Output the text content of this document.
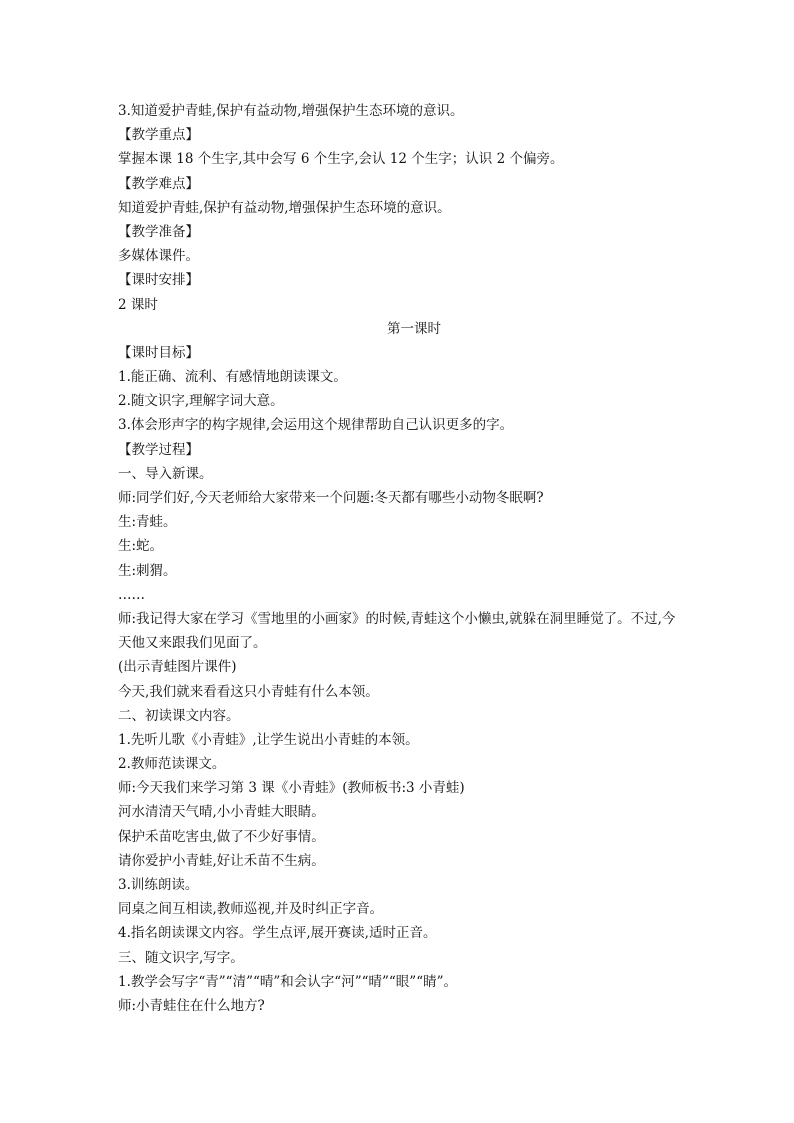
3.知道爱护青蛙,保护有益动物,增强保护生态环境的意识。
【教学重点】
掌握本课 18 个生字,其中会写 6 个生字,会认 12 个生字；认识 2 个偏旁。
【教学难点】
知道爱护青蛙,保护有益动物,增强保护生态环境的意识。
【教学准备】
多媒体课件。
【课时安排】
2 课时
第一课时
【课时目标】
1.能正确、流利、有感情地朗读课文。
2.随文识字,理解字词大意。
3.体会形声字的构字规律,会运用这个规律帮助自己认识更多的字。
【教学过程】
一、导入新课。
师:同学们好,今天老师给大家带来一个问题:冬天都有哪些小动物冬眠啊?
生:青蛙。
生:蛇。
生:刺猬。
……
师:我记得大家在学习《雪地里的小画家》的时候,青蛙这个小懒虫,就躲在洞里睡觉了。不过,今天他又来跟我们见面了。
(出示青蛙图片课件)
今天,我们就来看看这只小青蛙有什么本领。
二、初读课文内容。
1.先听儿歌《小青蛙》,让学生说出小青蛙的本领。
2.教师范读课文。
师:今天我们来学习第 3 课《小青蛙》(教师板书:3 小青蛙)
河水清清天气晴,小小青蛙大眼睛。
保护禾苗吃害虫,做了不少好事情。
请你爱护小青蛙,好让禾苗不生病。
3.训练朗读。
同桌之间互相读,教师巡视,并及时纠正字音。
4.指名朗读课文内容。学生点评,展开赛读,适时正音。
三、随文识字,写字。
1.教学会写字“青”“清”“晴”和会认字“河”“晴”“眼”“睛”。
师:小青蛙住在什么地方?
